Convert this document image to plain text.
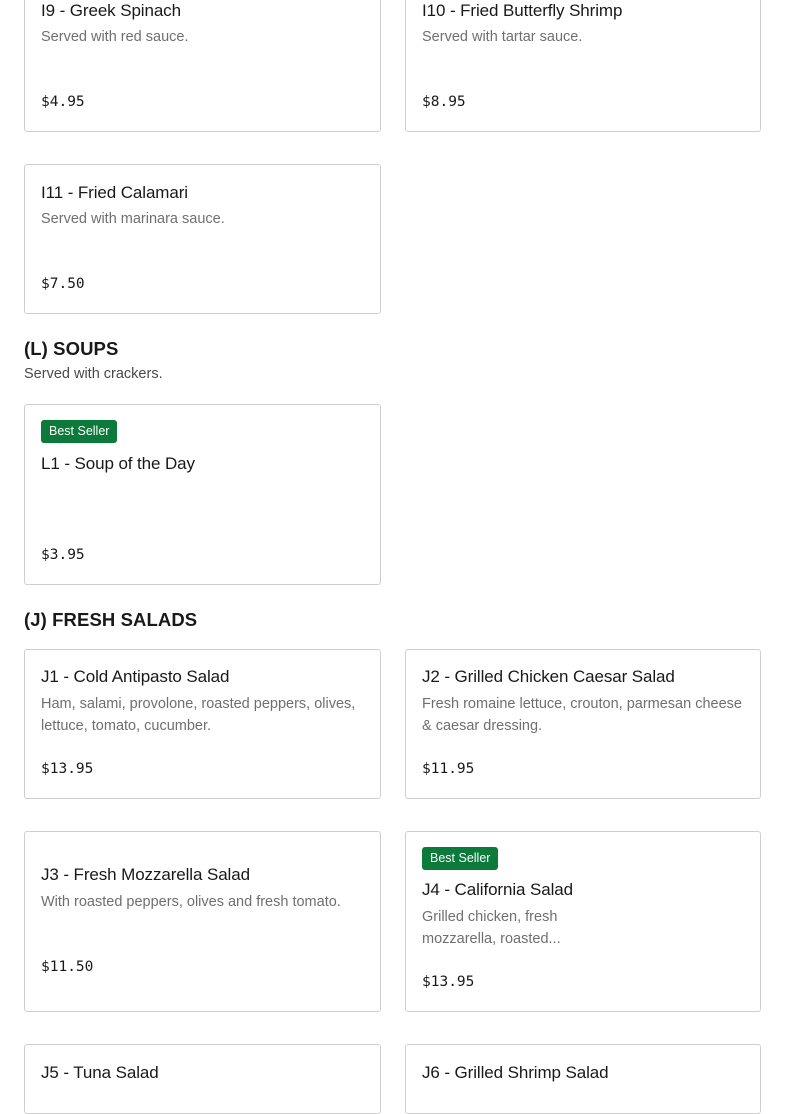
I9 - Greek Spinach
Served with red sauce.
$4.95
I10 - Fried Butterfly Shrimp
Served with tartar sauce.
$8.95
I11 - Fried Calamari
Served with marinara sauce.
$7.50
(L) SOUPS
Served with crackers.
Best Seller
L1 - Soup of the Day
$3.95
(J) FRESH SALADS
J1 - Cold Antipasto Salad
Ham, salami, provolone, roasted peppers, olives, lettuce, tomato, cucumber.
$13.95
J2 - Grilled Chicken Caesar Salad
Fresh romaine lettuce, crouton, parmesan cheese & caesar dressing.
$11.95
J3 - Fresh Mozzarella Salad
With roasted peppers, olives and fresh tomato.
$11.50
Best Seller
J4 - California Salad
Grilled chicken, fresh mozzarella, roasted...
$13.95
J5 - Tuna Salad	J6 - Grilled Shrimp Salad
